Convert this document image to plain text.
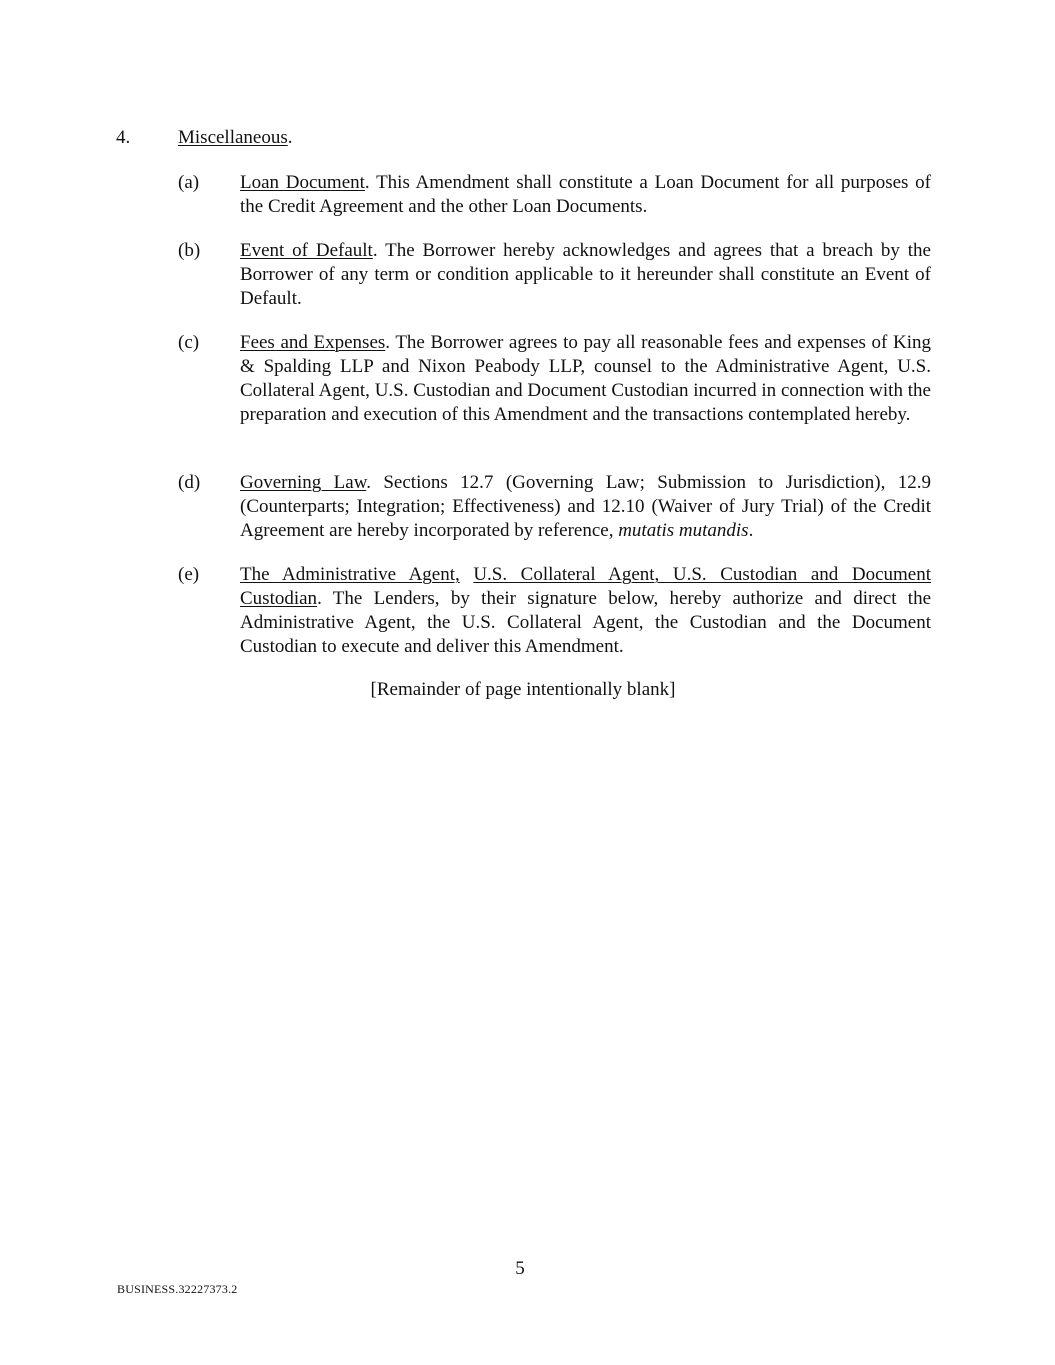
4.	Miscellaneous.
(a)	Loan Document. This Amendment shall constitute a Loan Document for all purposes of the Credit Agreement and the other Loan Documents.
(b)	Event of Default. The Borrower hereby acknowledges and agrees that a breach by the Borrower of any term or condition applicable to it hereunder shall constitute an Event of Default.
(c)	Fees and Expenses. The Borrower agrees to pay all reasonable fees and expenses of King & Spalding LLP and Nixon Peabody LLP, counsel to the Administrative Agent, U.S. Collateral Agent, U.S. Custodian and Document Custodian incurred in connection with the preparation and execution of this Amendment and the transactions contemplated hereby.
(d)	Governing Law. Sections 12.7 (Governing Law; Submission to Jurisdiction), 12.9 (Counterparts; Integration; Effectiveness) and 12.10 (Waiver of Jury Trial) of the Credit Agreement are hereby incorporated by reference, mutatis mutandis.
(e)	The Administrative Agent, U.S. Collateral Agent, U.S. Custodian and Document Custodian. The Lenders, by their signature below, hereby authorize and direct the Administrative Agent, the U.S. Collateral Agent, the Custodian and the Document Custodian to execute and deliver this Amendment.
[Remainder of page intentionally blank]
5
BUSINESS.32227373.2
